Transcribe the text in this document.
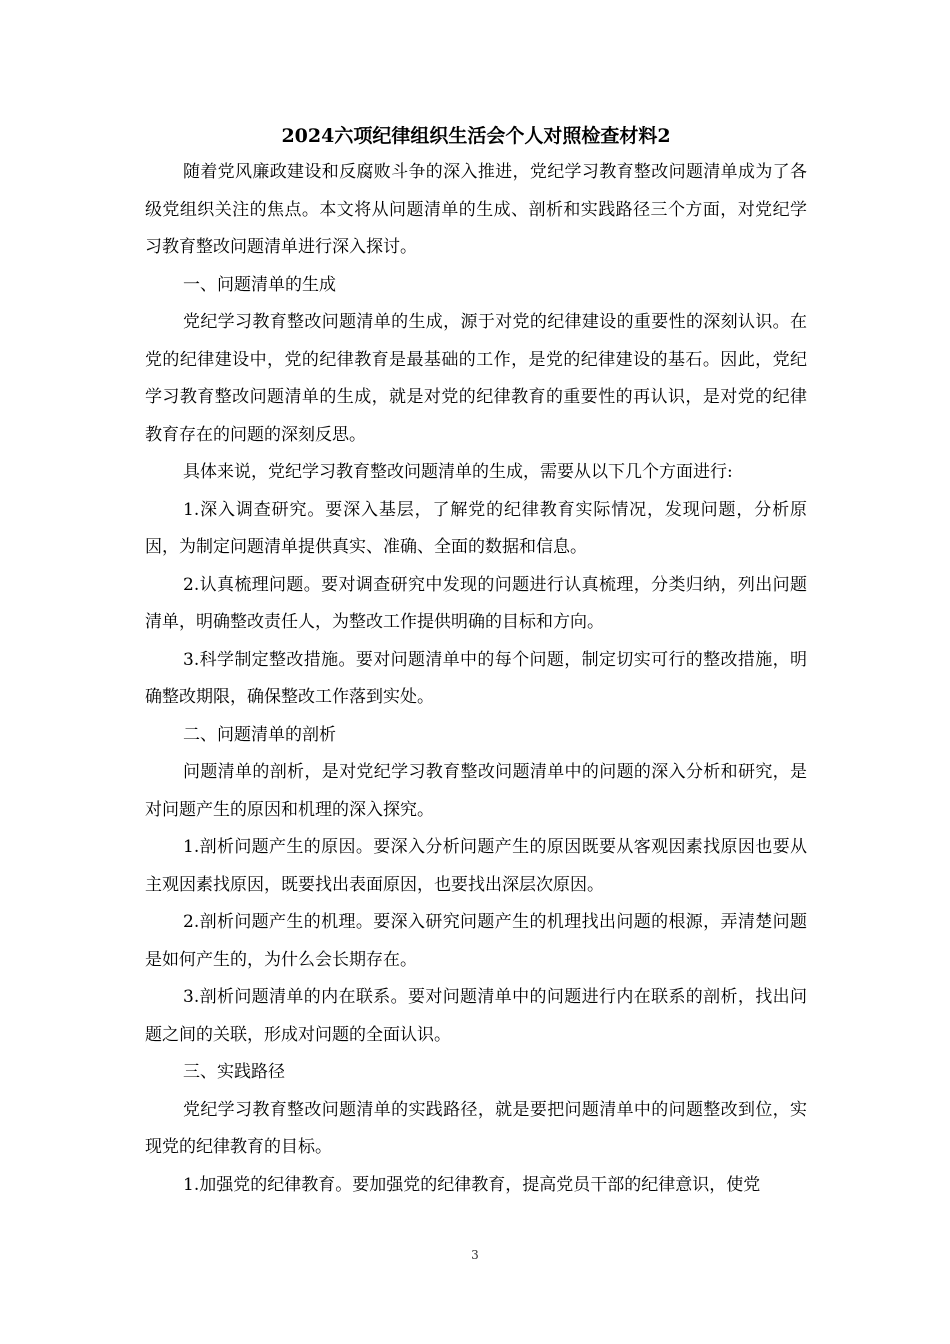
2024六项纪律组织生活会个人对照检查材料2

随着党风廉政建设和反腐败斗争的深入推进，党纪学习教育整改问题清单成为了各级党组织关注的焦点。本文将从问题清单的生成、剖析和实践路径三个方面，对党纪学习教育整改问题清单进行深入探讨。

一、问题清单的生成

党纪学习教育整改问题清单的生成，源于对党的纪律建设的重要性的深刻认识。在党的纪律建设中，党的纪律教育是最基础的工作，是党的纪律建设的基石。因此，党纪学习教育整改问题清单的生成，就是对党的纪律教育的重要性的再认识，是对党的纪律教育存在的问题的深刻反思。

具体来说，党纪学习教育整改问题清单的生成，需要从以下几个方面进行:

1.深入调查研究。要深入基层，了解党的纪律教育实际情况，发现问题，分析原因，为制定问题清单提供真实、准确、全面的数据和信息。

2.认真梳理问题。要对调查研究中发现的问题进行认真梳理，分类归纳，列出问题清单，明确整改责任人，为整改工作提供明确的目标和方向。

3.科学制定整改措施。要对问题清单中的每个问题，制定切实可行的整改措施，明确整改期限，确保整改工作落到实处。

二、问题清单的剖析

问题清单的剖析，是对党纪学习教育整改问题清单中的问题的深入分析和研究，是对问题产生的原因和机理的深入探究。

1.剖析问题产生的原因。要深入分析问题产生的原因既要从客观因素找原因也要从主观因素找原因，既要找出表面原因，也要找出深层次原因。

2.剖析问题产生的机理。要深入研究问题产生的机理找出问题的根源，弄清楚问题是如何产生的，为什么会长期存在。

3.剖析问题清单的内在联系。要对问题清单中的问题进行内在联系的剖析，找出问题之间的关联，形成对问题的全面认识。

三、实践路径

党纪学习教育整改问题清单的实践路径，就是要把问题清单中的问题整改到位，实现党的纪律教育的目标。

1.加强党的纪律教育。要加强党的纪律教育，提高党员干部的纪律意识，使党

3
